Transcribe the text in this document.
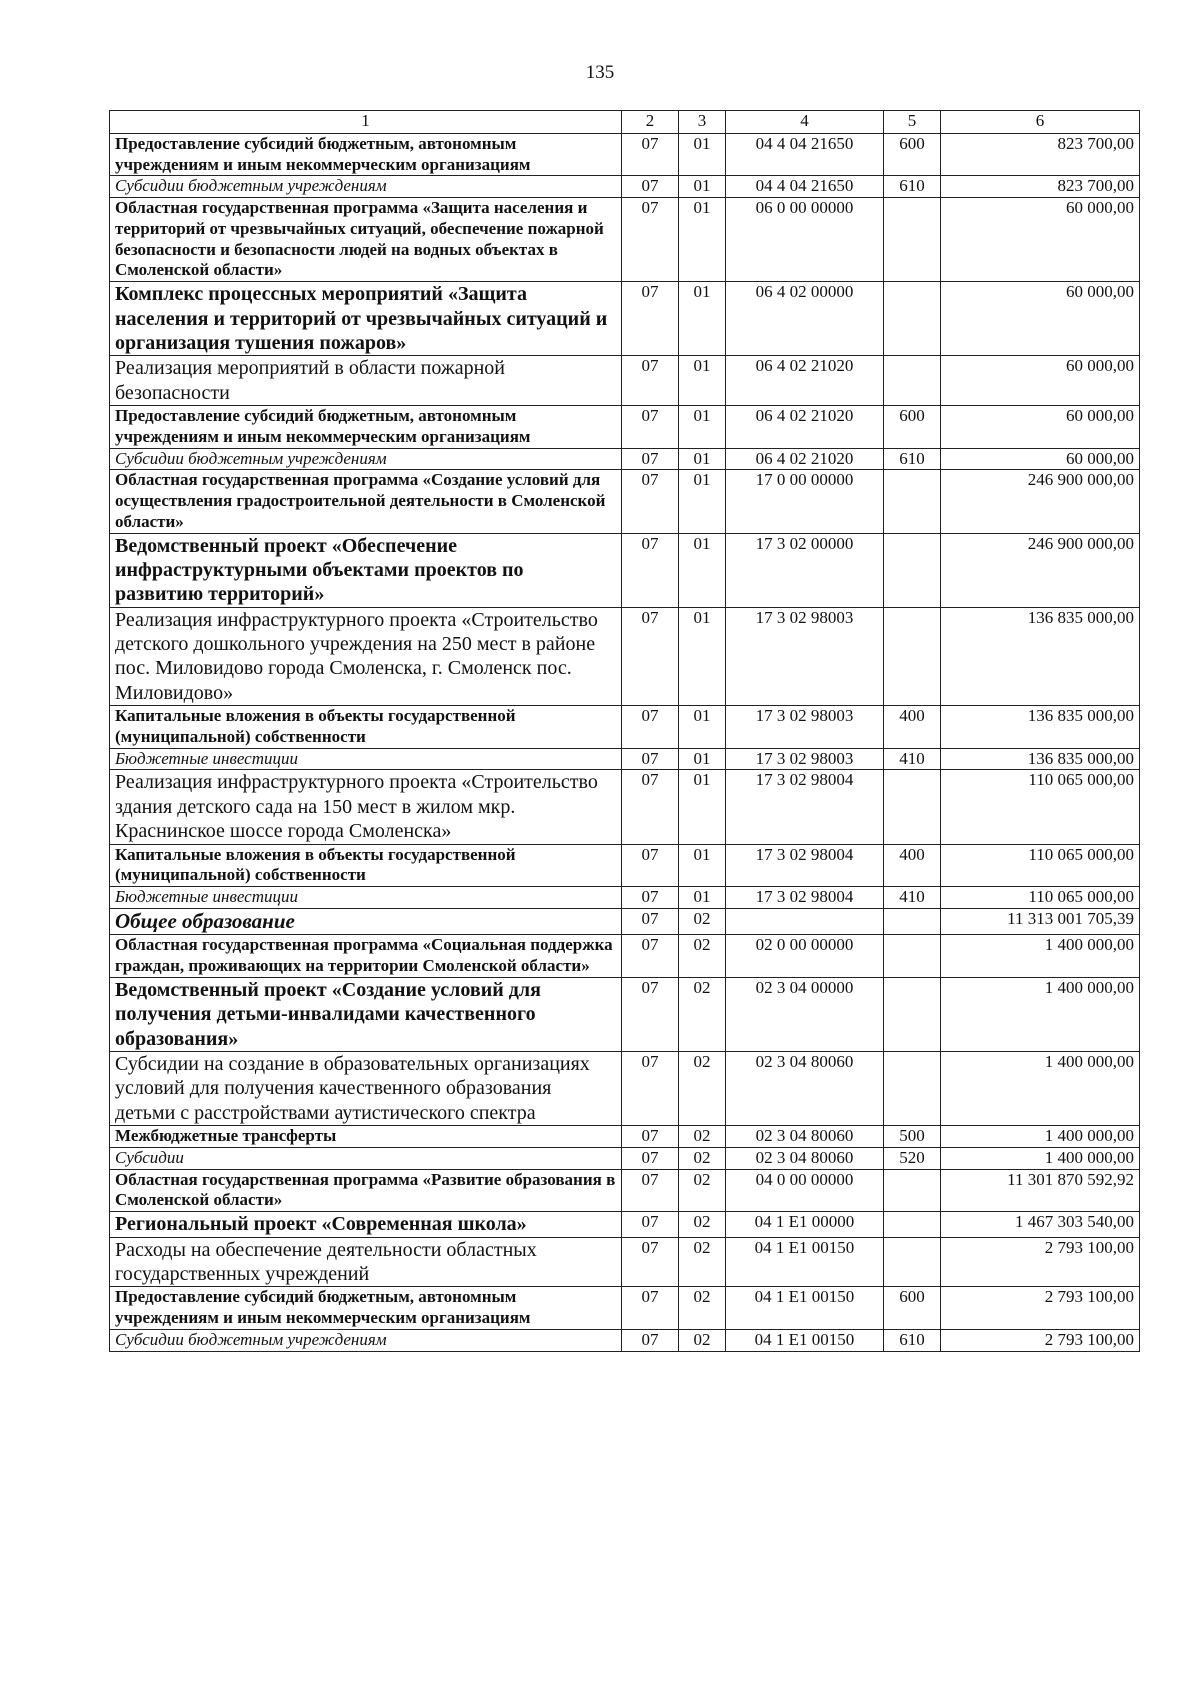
135
1	2	3	4	5	6
Предоставление субсидий бюджетным, автономным учреждениям и иным некоммерческим организациям	07	01	04 4 04 21650	600	823 700,00
Субсидии бюджетным учреждениям	07	01	04 4 04 21650	610	823 700,00
Областная государственная программа «Защита населения и территорий от чрезвычайных ситуаций, обеспечение пожарной безопасности и безопасности людей на водных объектах в Смоленской области»	07	01	06 0 00 00000		60 000,00
Комплекс процессных мероприятий «Защита населения и территорий от чрезвычайных ситуаций и организация тушения пожаров»	07	01	06 4 02 00000		60 000,00
Реализация мероприятий в области пожарной безопасности	07	01	06 4 02 21020		60 000,00
Предоставление субсидий бюджетным, автономным учреждениям и иным некоммерческим организациям	07	01	06 4 02 21020	600	60 000,00
Субсидии бюджетным учреждениям	07	01	06 4 02 21020	610	60 000,00
Областная государственная программа «Создание условий для осуществления градостроительной деятельности в Смоленской области»	07	01	17 0 00 00000		246 900 000,00
Ведомственный проект «Обеспечение инфраструктурными объектами проектов по развитию территорий»	07	01	17 3 02 00000		246 900 000,00
Реализация инфраструктурного проекта «Строительство детского дошкольного учреждения на 250 мест в районе пос. Миловидово города Смоленска, г. Смоленск пос. Миловидово»	07	01	17 3 02 98003		136 835 000,00
Капитальные вложения в объекты государственной (муниципальной) собственности	07	01	17 3 02 98003	400	136 835 000,00
Бюджетные инвестиции	07	01	17 3 02 98003	410	136 835 000,00
Реализация инфраструктурного проекта «Строительство здания детского сада на 150 мест в жилом мкр. Краснинское шоссе города Смоленска»	07	01	17 3 02 98004		110 065 000,00
Капитальные вложения в объекты государственной (муниципальной) собственности	07	01	17 3 02 98004	400	110 065 000,00
Бюджетные инвестиции	07	01	17 3 02 98004	410	110 065 000,00
Общее образование	07	02			11 313 001 705,39
Областная государственная программа «Социальная поддержка граждан, проживающих на территории Смоленской области»	07	02	02 0 00 00000		1 400 000,00
Ведомственный проект «Создание условий для получения детьми-инвалидами качественного образования»	07	02	02 3 04 00000		1 400 000,00
Субсидии на создание в образовательных организациях условий для получения качественного образования детьми с расстройствами аутистического спектра	07	02	02 3 04 80060		1 400 000,00
Межбюджетные трансферты	07	02	02 3 04 80060	500	1 400 000,00
Субсидии	07	02	02 3 04 80060	520	1 400 000,00
Областная государственная программа «Развитие образования в Смоленской области»	07	02	04 0 00 00000		11 301 870 592,92
Региональный проект «Современная школа»	07	02	04 1 E1 00000		1 467 303 540,00
Расходы на обеспечение деятельности областных государственных учреждений	07	02	04 1 E1 00150		2 793 100,00
Предоставление субсидий бюджетным, автономным учреждениям и иным некоммерческим организациям	07	02	04 1 E1 00150	600	2 793 100,00
Субсидии бюджетным учреждениям	07	02	04 1 E1 00150	610	2 793 100,00
